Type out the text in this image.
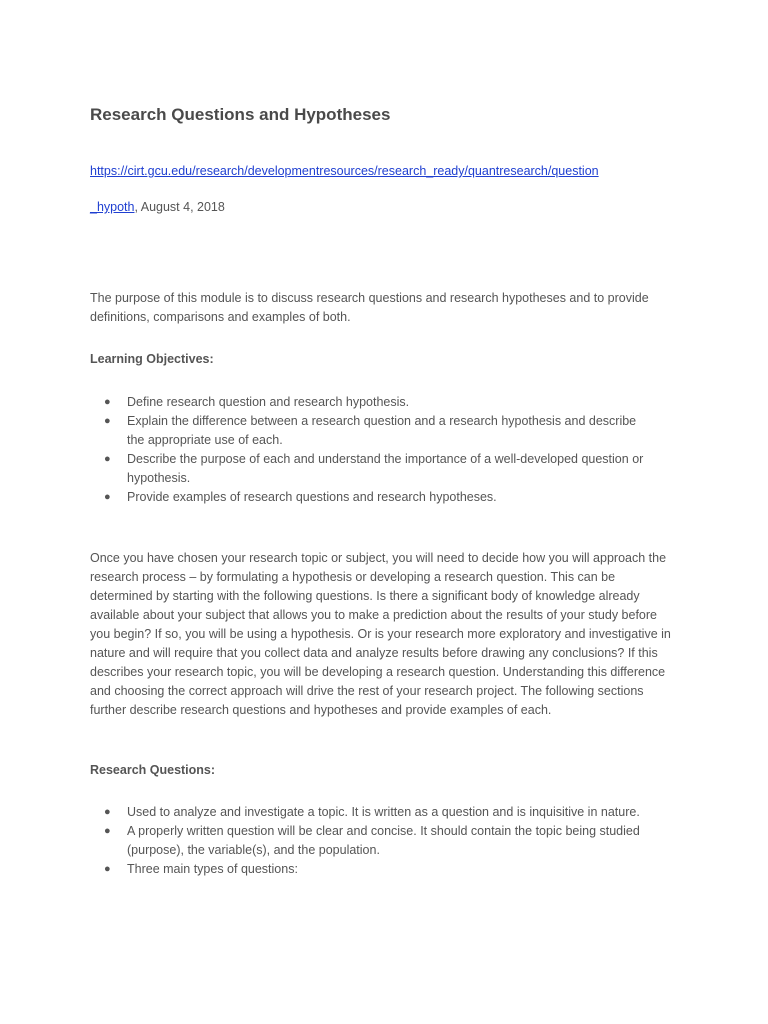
Research Questions and Hypotheses
https://cirt.gcu.edu/research/developmentresources/research_ready/quantresearch/question
_hypoth, August 4, 2018

The purpose of this module is to discuss research questions and research hypotheses and to provide definitions, comparisons and examples of both.

Learning Objectives:

● Define research question and research hypothesis.
● Explain the difference between a research question and a research hypothesis and describe the appropriate use of each.
● Describe the purpose of each and understand the importance of a well-developed question or hypothesis.
● Provide examples of research questions and research hypotheses.

Once you have chosen your research topic or subject, you will need to decide how you will approach the research process – by formulating a hypothesis or developing a research question. This can be determined by starting with the following questions. Is there a significant body of knowledge already available about your subject that allows you to make a prediction about the results of your study before you begin? If so, you will be using a hypothesis. Or is your research more exploratory and investigative in nature and will require that you collect data and analyze results before drawing any conclusions? If this describes your research topic, you will be developing a research question. Understanding this difference and choosing the correct approach will drive the rest of your research project. The following sections further describe research questions and hypotheses and provide examples of each.

Research Questions:

● Used to analyze and investigate a topic. It is written as a question and is inquisitive in nature.
● A properly written question will be clear and concise. It should contain the topic being studied (purpose), the variable(s), and the population.
● Three main types of questions:
